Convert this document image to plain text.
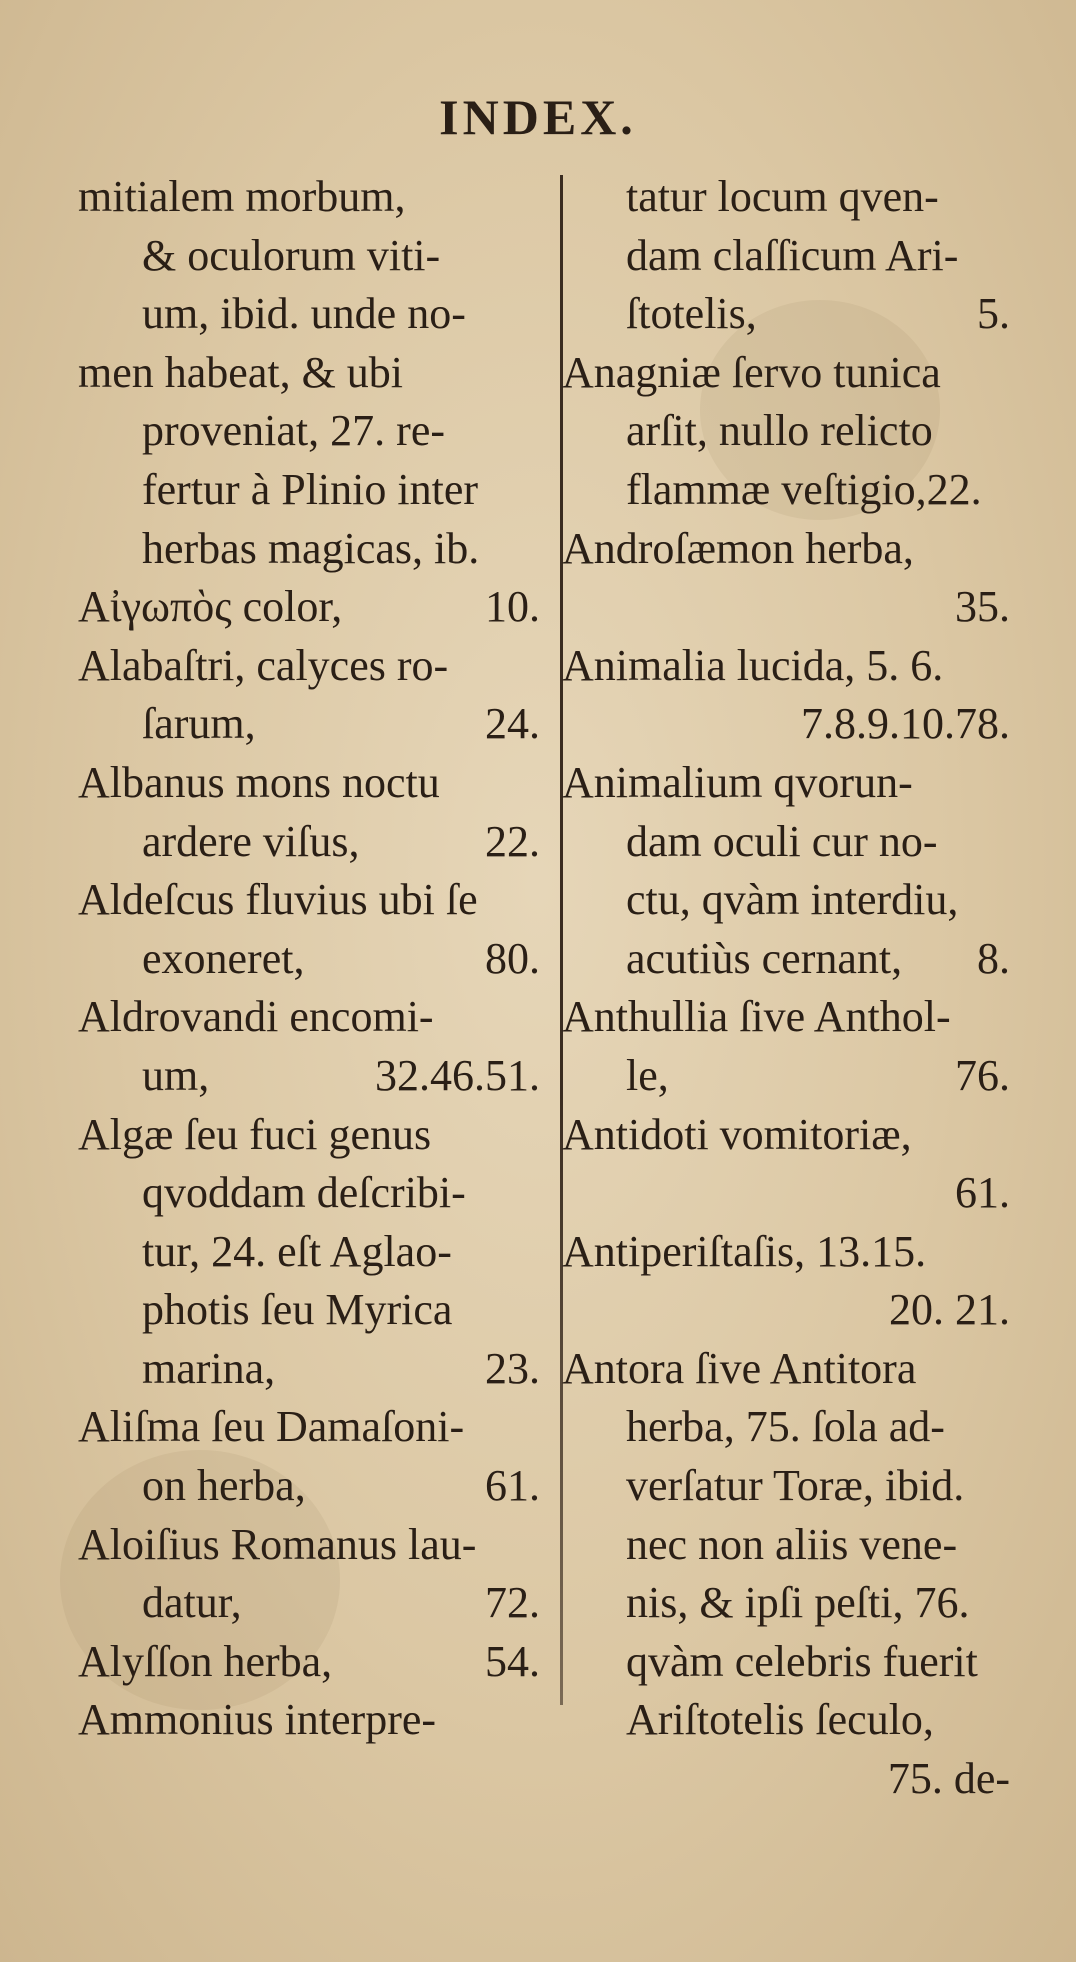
INDEX.
mitialem morbum,
& oculorum viti-
um, ibid. unde no-
men habeat, & ubi
proveniat, 27. re-
fertur à Plinio inter
herbas magicas, ib.
Αἰγωπὸς color,	10.
Alabaſtri, calyces ro-
ſarum,	24.
Albanus mons noctu
ardere viſus,	22.
Aldeſcus fluvius ubi ſe
exoneret,	80.
Aldrovandi encomi-
um,	32.46.51.
Algæ ſeu fuci genus
qvoddam deſcribi-
tur, 24. eſt Aglao-
photis ſeu Myrica
marina,	23.
Aliſma ſeu Damaſoni-
on herba,	61.
Aloiſius Romanus lau-
datur,	72.
Alyſſon herba,	54.
Ammonius interpre-
tatur locum qven-
dam claſſicum Ari-
ſtotelis,	5.
Anagniæ ſervo tunica
arſit, nullo relicto
flammæ veſtigio,22.
Androſæmon herba,
35.
Animalia lucida, 5. 6.
7.8.9.10.78.
Animalium qvorun-
dam oculi cur no-
ctu, qvàm interdiu,
acutiùs cernant, 8.
Anthullia ſive Anthol-
le,	76.
Antidoti vomitoriæ,
61.
Antiperiſtaſis, 13.15.
20. 21.
Antora ſive Antitora
herba, 75. ſola ad-
verſatur Toræ, ibid.
nec non aliis vene-
nis, & ipſi peſti, 76.
qvàm celebris fuerit
Ariſtotelis ſeculo,
75. de-
